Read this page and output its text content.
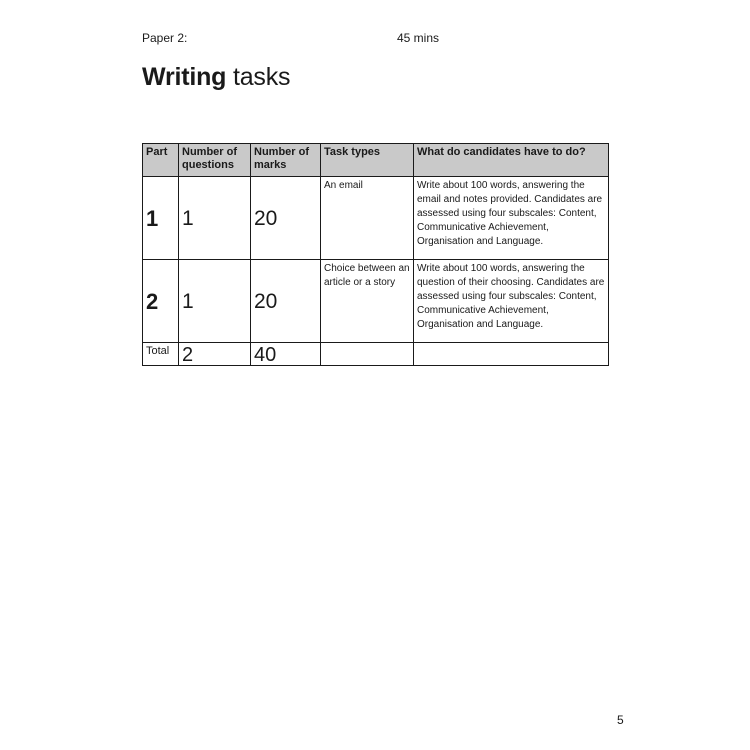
Paper 2:	45 mins
Writing tasks
Part	Number of questions	Number of marks	Task types	What do candidates have to do?
1	1	20	An email	Write about 100 words, answering the email and notes provided. Candidates are assessed using four subscales: Content, Communicative Achievement, Organisation and Language.
2	1	20	Choice between an article or a story	Write about 100 words, answering the question of their choosing. Candidates are assessed using four subscales: Content, Communicative Achievement, Organisation and Language.
Total	2	40		
5
